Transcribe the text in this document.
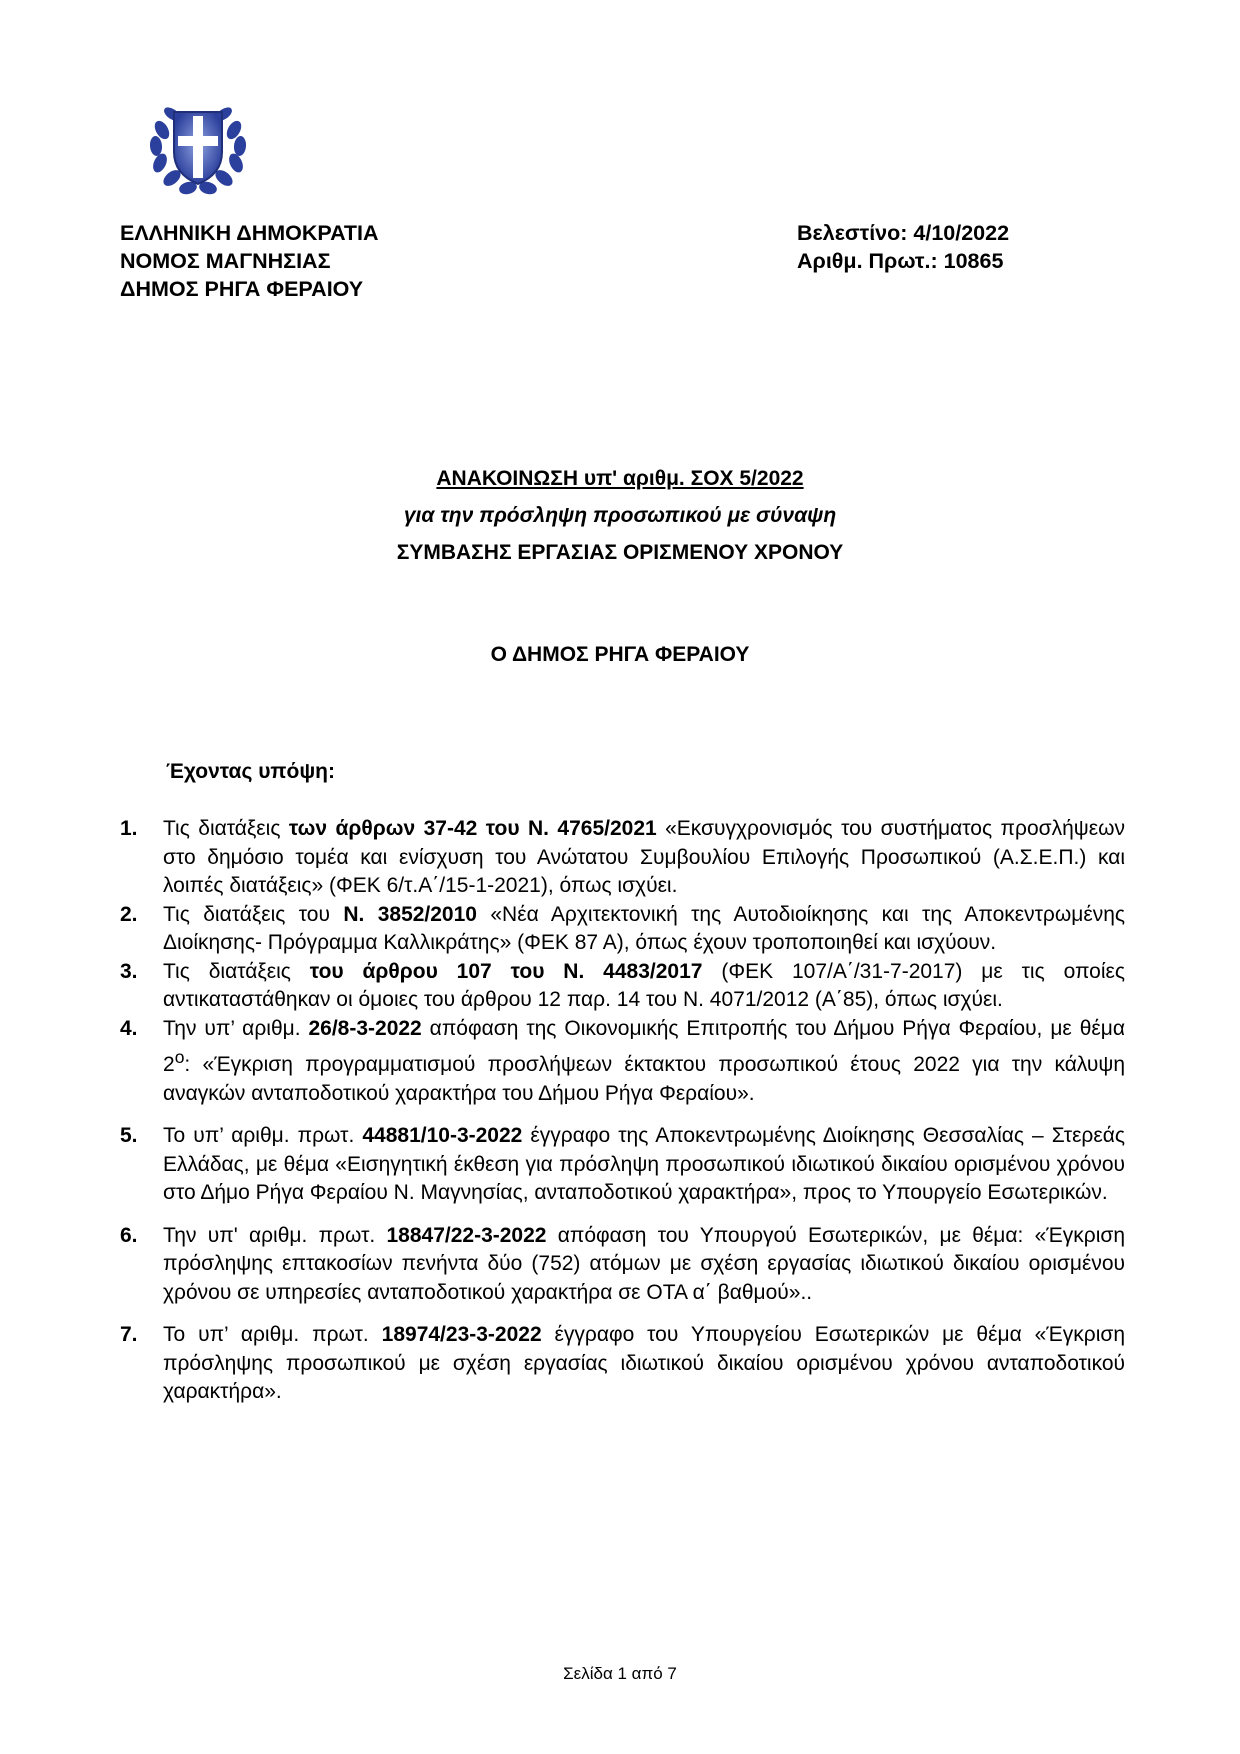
ΕΛΛΗΝΙΚΗ ΔΗΜΟΚΡΑΤΙΑ
ΝΟΜΟΣ ΜΑΓΝΗΣΙΑΣ
ΔΗΜΟΣ ΡΗΓΑ ΦΕΡΑΙΟΥ
Βελεστίνο: 4/10/2022
Αριθμ. Πρωτ.: 10865
ΑΝΑΚΟΙΝΩΣΗ υπ' αριθμ. ΣΟΧ 5/2022
για την πρόσληψη προσωπικού με σύναψη
ΣΥΜΒΑΣΗΣ ΕΡΓΑΣΙΑΣ ΟΡΙΣΜΕΝΟΥ ΧΡΟΝΟΥ
Ο ΔΗΜΟΣ ΡΗΓΑ ΦΕΡΑΙΟΥ
Έχοντας υπόψη:
1. Τις διατάξεις των άρθρων 37-42 του Ν. 4765/2021 «Εκσυγχρονισμός του συστήματος προσλήψεων στο δημόσιο τομέα και ενίσχυση του Ανώτατου Συμβουλίου Επιλογής Προσωπικού (Α.Σ.Ε.Π.) και λοιπές διατάξεις» (ΦΕΚ 6/τ.Α΄/15-1-2021), όπως ισχύει.
2. Τις διατάξεις του Ν. 3852/2010 «Νέα Αρχιτεκτονική της Αυτοδιοίκησης και της Αποκεντρωμένης Διοίκησης- Πρόγραμμα Καλλικράτης» (ΦΕΚ 87 Α), όπως έχουν τροποποιηθεί και ισχύουν.
3. Τις διατάξεις του άρθρου 107 του Ν. 4483/2017 (ΦΕΚ 107/Α΄/31-7-2017) με τις οποίες αντικαταστάθηκαν οι όμοιες του άρθρου 12 παρ. 14 του Ν. 4071/2012 (Α΄85), όπως ισχύει.
4. Την υπ’ αριθμ. 26/8-3-2022 απόφαση της Οικονομικής Επιτροπής του Δήμου Ρήγα Φεραίου, με θέμα $2^o$: «Έγκριση προγραμματισμού προσλήψεων έκτακτου προσωπικού έτους 2022 για την κάλυψη αναγκών ανταποδοτικού χαρακτήρα του Δήμου Ρήγα Φεραίου».
5. Το υπ’ αριθμ. πρωτ. 44881/10-3-2022 έγγραφο της Αποκεντρωμένης Διοίκησης Θεσσαλίας – Στερεάς Ελλάδας, με θέμα «Εισηγητική έκθεση για πρόσληψη προσωπικού ιδιωτικού δικαίου ορισμένου χρόνου στο Δήμο Ρήγα Φεραίου Ν. Μαγνησίας, ανταποδοτικού χαρακτήρα», προς το Υπουργείο Εσωτερικών.
6. Την υπ' αριθμ. πρωτ. 18847/22-3-2022 απόφαση του Υπουργού Εσωτερικών, με θέμα: «Έγκριση πρόσληψης επτακοσίων πενήντα δύο (752) ατόμων με σχέση εργασίας ιδιωτικού δικαίου ορισμένου χρόνου σε υπηρεσίες ανταποδοτικού χαρακτήρα σε ΟΤΑ α΄ βαθμού»..
7. Το υπ’ αριθμ. πρωτ. 18974/23-3-2022 έγγραφο του Υπουργείου Εσωτερικών με θέμα «Έγκριση πρόσληψης προσωπικού με σχέση εργασίας ιδιωτικού δικαίου ορισμένου χρόνου ανταποδοτικού χαρακτήρα».
Σελίδα 1 από 7
